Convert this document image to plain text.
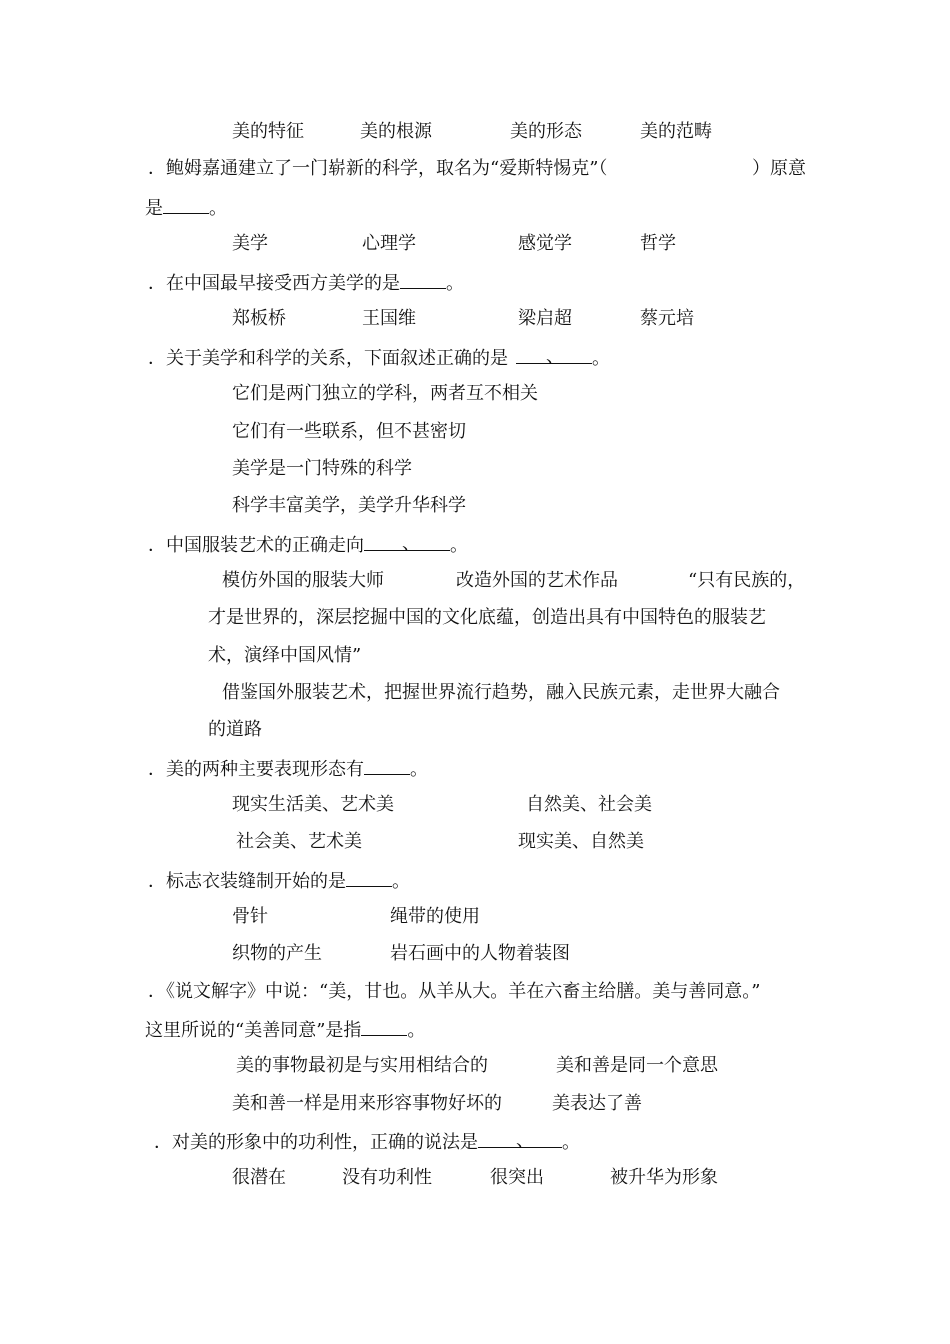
美的特征	美的根源	美的形态	美的范畴
．鲍姆嘉通建立了一门崭新的科学，取名为“爱斯特惕克”（	）原意
是	。
美学	心理学	感觉学	哲学
．在中国最早接受西方美学的是	。
郑板桥	王国维	梁启超	蔡元培
．关于美学和科学的关系，下面叙述正确的是 、 。
它们是两门独立的学科，两者互不相关
它们有一些联系，但不甚密切
美学是一门特殊的科学
科学丰富美学，美学升华科学
．中国服装艺术的正确走向 、 。
模仿外国的服装大师	改造外国的艺术作品	“只有民族的，
才是世界的，深层挖掘中国的文化底蕴，创造出具有中国特色的服装艺
术，演绎中国风情”
借鉴国外服装艺术，把握世界流行趋势，融入民族元素，走世界大融合
的道路
．美的两种主要表现形态有	。
现实生活美、艺术美	自然美、社会美
社会美、艺术美	现实美、自然美
．标志衣装缝制开始的是	。
骨针	绳带的使用
织物的产生	岩石画中的人物着装图
．《说文解字》中说：“美，甘也。从羊从大。羊在六畜主给膳。美与善同意。”
这里所说的“美善同意”是指	。
美的事物最初是与实用相结合的	美和善是同一个意思
美和善一样是用来形容事物好坏的	美表达了善
．对美的形象中的功利性，正确的说法是 、 。
很潜在	没有功利性	很突出	被升华为形象
